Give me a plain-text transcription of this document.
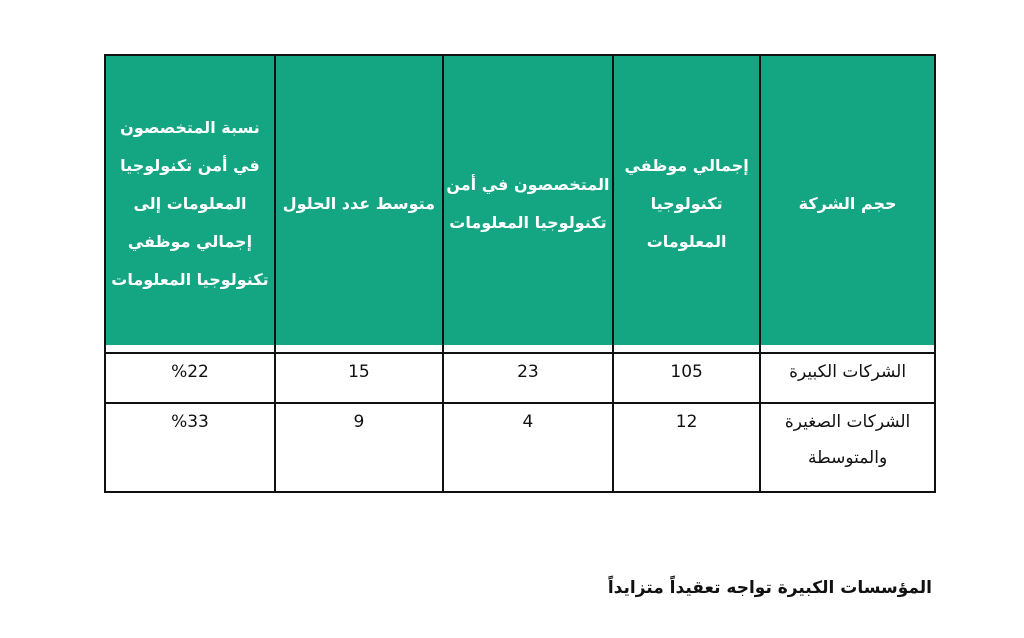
حجم الشركة	إجمالي موظفي تكنولوجيا المعلومات	المتخصصون في أمن تكنولوجيا المعلومات	متوسط عدد الحلول	نسبة المتخصصون في أمن تكنولوجيا المعلومات إلى إجمالي موظفي تكنولوجيا المعلومات
الشركات الكبيرة	105	23	15	%22
الشركات الصغيرة والمتوسطة	12	4	9	%33
المؤسسات الكبيرة تواجه تعقيداً متزايداً
